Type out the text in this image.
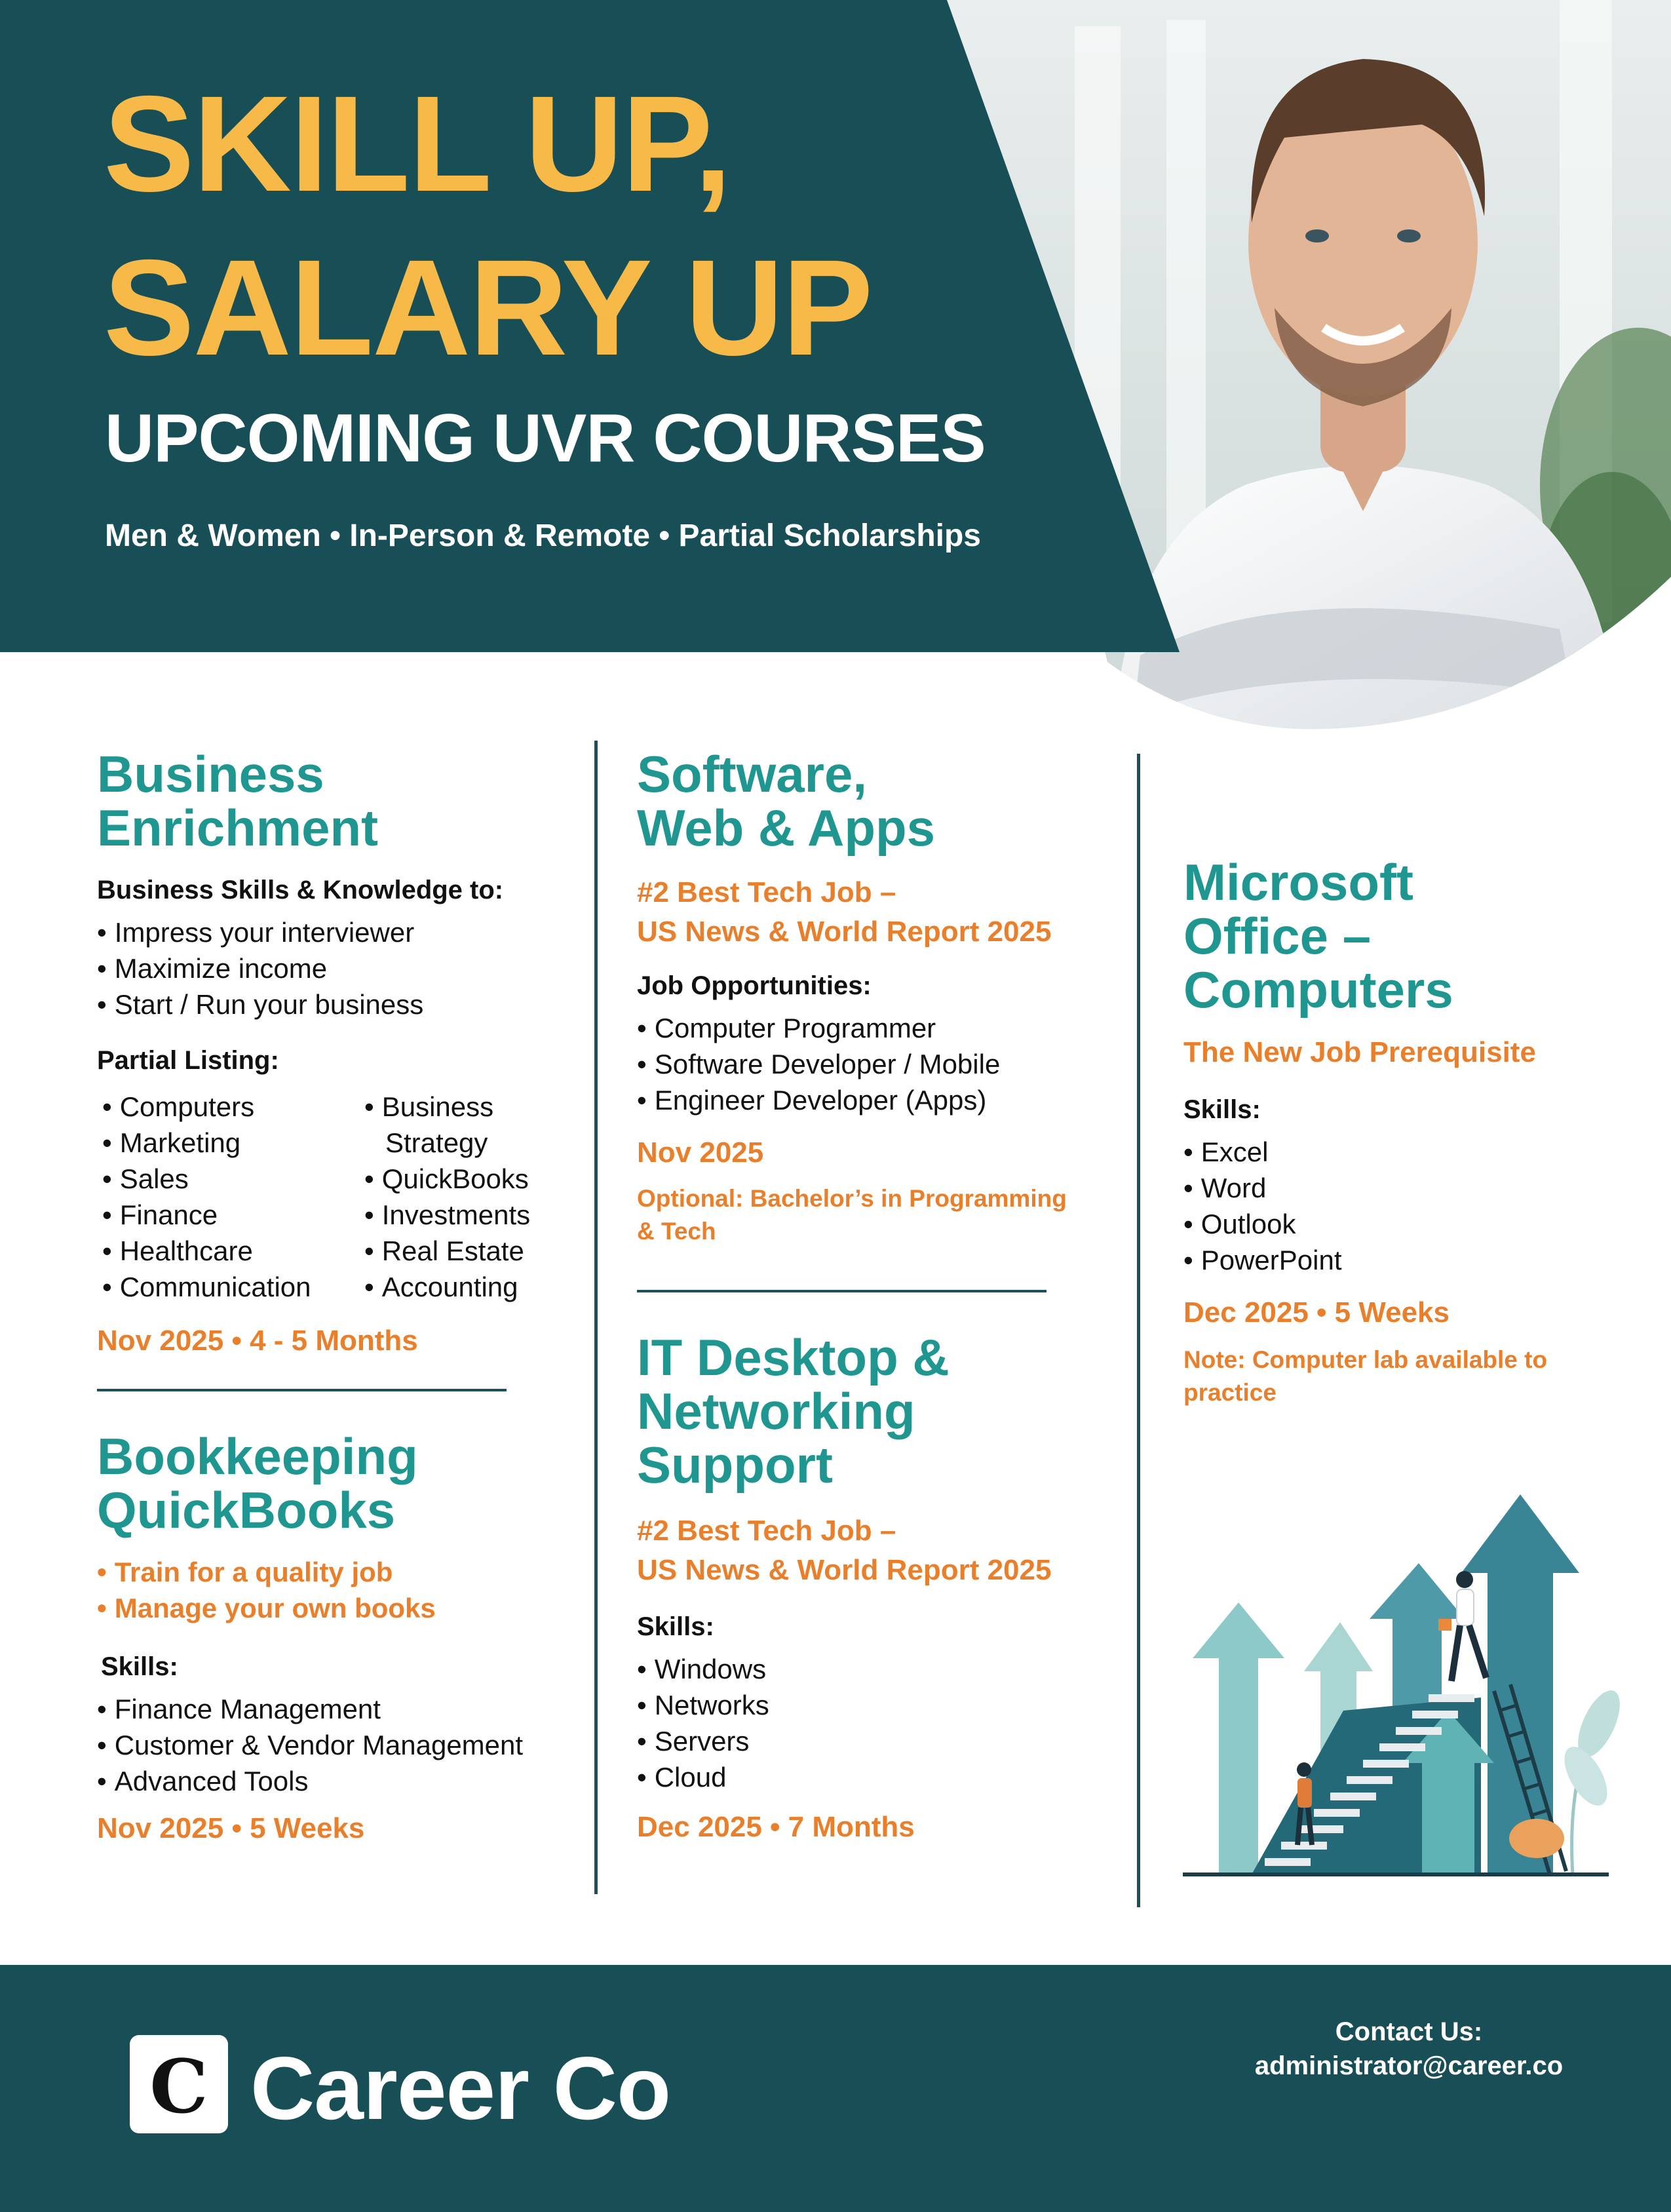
SKILL UP,
SALARY UP
UPCOMING UVR COURSES
Men & Women • In-Person & Remote • Partial Scholarships
Business
Enrichment
Business Skills & Knowledge to:
• Impress your interviewer
• Maximize income
• Start / Run your business
Partial Listing:
• Computers
• Marketing
• Sales
• Finance
• Healthcare
• Communication
• Business
Strategy
• QuickBooks
• Investments
• Real Estate
• Accounting
Nov 2025 • 4 - 5 Months
Bookkeeping
QuickBooks
• Train for a quality job
• Manage your own books
Skills:
• Finance Management
• Customer & Vendor Management
• Advanced Tools
Nov 2025 • 5 Weeks
Software,
Web & Apps
#2 Best Tech Job –
US News & World Report 2025
Job Opportunities:
• Computer Programmer
• Software Developer / Mobile
• Engineer Developer (Apps)
Nov 2025
Optional: Bachelor’s in Programming
& Tech
IT Desktop &
Networking
Support
#2 Best Tech Job –
US News & World Report 2025
Skills:
• Windows
• Networks
• Servers
• Cloud
Dec 2025 • 7 Months
Microsoft
Office –
Computers
The New Job Prerequisite
Skills:
• Excel
• Word
• Outlook
• PowerPoint
Dec 2025 • 5 Weeks
Note: Computer lab available to
practice
C Career Co
Contact Us:
administrator@career.co
